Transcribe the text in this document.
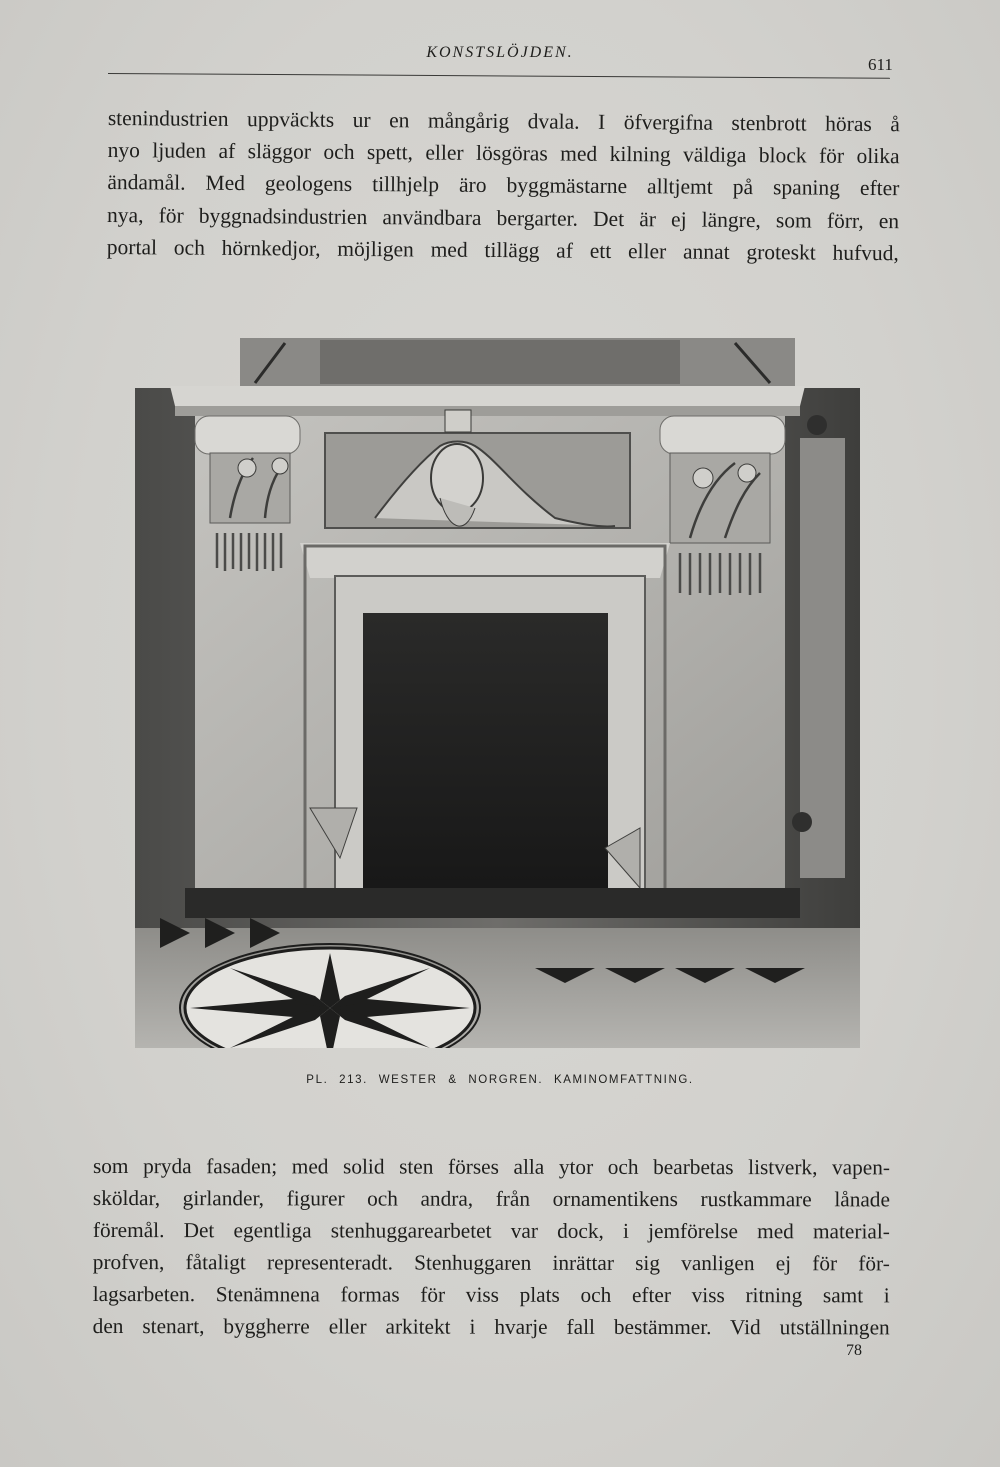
KONSTSLÖJDEN.
611
stenindustrien uppväckts ur en mångårig dvala. I öfvergifna stenbrott höras å
nyo ljuden af släggor och spett, eller lösgöras med kilning väldiga block för olika
ändamål. Med geologens tillhjelp äro byggmästarne alltjemt på spaning efter
nya, för byggnadsindustrien användbara bergarter. Det är ej längre, som förr, en
portal och hörnkedjor, möjligen med tillägg af ett eller annat groteskt hufvud,
PL. 213. WESTER & NORGREN. KAMINOMFATTNING.
som pryda fasaden; med solid sten förses alla ytor och bearbetas listverk, vapen-
sköldar, girlander, figurer och andra, från ornamentikens rustkammare lånade
föremål. Det egentliga stenhuggarearbetet var dock, i jemförelse med material-
profven, fåtaligt representeradt. Stenhuggaren inrättar sig vanligen ej för för-
lagsarbeten. Stenämnena formas för viss plats och efter viss ritning samt i
den stenart, byggherre eller arkitekt i hvarje fall bestämmer. Vid utställningen
78
